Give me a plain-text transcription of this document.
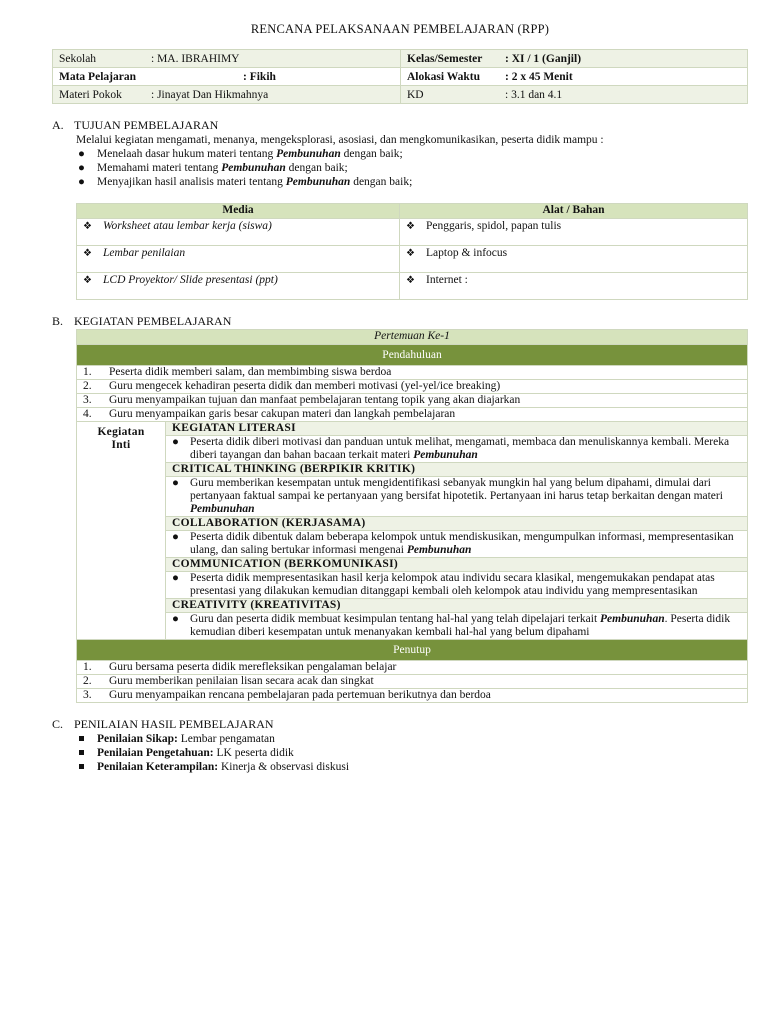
RENCANA PELAKSANAAN PEMBELAJARAN (RPP)
Sekolah : MA. IBRAHIMY	Kelas/Semester : XI / 1 (Ganjil)
Mata Pelajaran : Fikih	Alokasi Waktu : 2 x 45 Menit
Materi Pokok : Jinayat Dan Hikmahnya	KD : 3.1 dan 4.1
A. TUJUAN PEMBELAJARAN

Melalui kegiatan mengamati, menanya, mengeksplorasi, asosiasi, dan mengkomunikasikan, peserta didik mampu :

● Menelaah dasar hukum materi tentang Pembunuhan dengan baik;
● Memahami materi tentang Pembunuhan dengan baik;
● Menyajikan hasil analisis materi tentang Pembunuhan dengan baik;
Media	Alat / Bahan
❖ Worksheet atau lembar kerja (siswa)	❖ Penggaris, spidol, papan tulis
❖ Lembar penilaian	❖ Laptop & infocus
❖ LCD Proyektor/ Slide presentasi (ppt)	❖ Internet :
B. KEGIATAN PEMBELAJARAN
Pertemuan Ke-1
Pendahuluan
1. Peserta didik memberi salam, dan membimbing siswa berdoa
2. Guru mengecek kehadiran peserta didik dan memberi motivasi (yel-yel/ice breaking)
3. Guru menyampaikan tujuan dan manfaat pembelajaran tentang topik yang akan diajarkan
4. Guru menyampaikan garis besar cakupan materi dan langkah pembelajaran

Kegiatan
Inti
	KEGIATAN LITERASI

● Peserta didik diberi motivasi dan panduan untuk melihat, mengamati, membaca dan menuliskannya kembali. Mereka diberi tayangan dan bahan bacaan terkait materi Pembunuhan
CRITICAL THINKING (BERPIKIR KRITIK)

● Guru memberikan kesempatan untuk mengidentifikasi sebanyak mungkin hal yang belum dipahami, dimulai dari pertanyaan faktual sampai ke pertanyaan yang bersifat hipotetik. Pertanyaan ini harus tetap berkaitan dengan materi Pembunuhan
COLLABORATION (KERJASAMA)

● Peserta didik dibentuk dalam beberapa kelompok untuk mendiskusikan, mengumpulkan informasi, mempresentasikan ulang, dan saling bertukar informasi mengenai Pembunuhan
COMMUNICATION (BERKOMUNIKASI)

● Peserta didik mempresentasikan hasil kerja kelompok atau individu secara klasikal, mengemukakan pendapat atas presentasi yang dilakukan kemudian ditanggapi kembali oleh kelompok atau individu yang mempresentasikan
CREATIVITY (KREATIVITAS)

● Guru dan peserta didik membuat kesimpulan tentang hal-hal yang telah dipelajari terkait Pembunuhan. Peserta didik kemudian diberi kesempatan untuk menanyakan kembali hal-hal yang belum dipahami
Penutup
1. Guru bersama peserta didik merefleksikan pengalaman belajar
2. Guru memberikan penilaian lisan secara acak dan singkat
3. Guru menyampaikan rencana pembelajaran pada pertemuan berikutnya dan berdoa
C. PENILAIAN HASIL PEMBELAJARAN
Penilaian Sikap: Lembar pengamatan
Penilaian Pengetahuan: LK peserta didik
Penilaian Keterampilan: Kinerja & observasi diskusi
